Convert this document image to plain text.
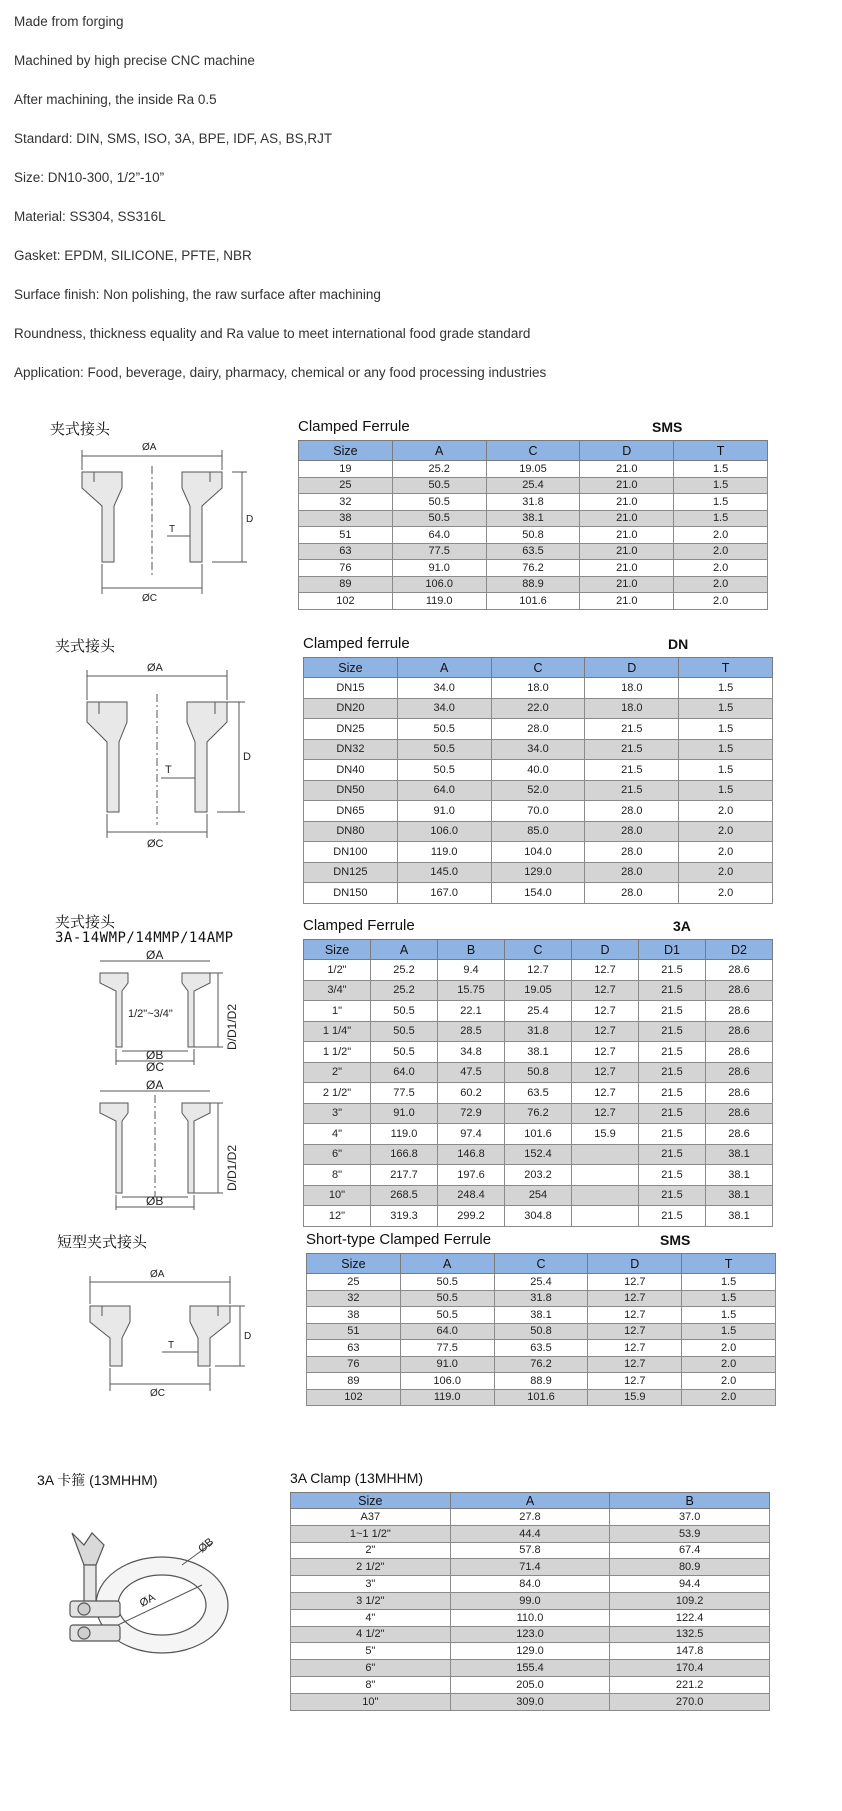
Made from forging
Machined by high precise CNC machine
After machining, the inside Ra 0.5
Standard: DIN, SMS, ISO, 3A, BPE, IDF, AS, BS,RJT
Size: DN10-300, 1/2”-10”
Material: SS304, SS316L
Gasket: EPDM, SILICONE, PFTE, NBR
Surface finish: Non polishing, the raw surface after machining
Roundness, thickness equality and Ra value to meet international food grade standard
Application: Food, beverage, dairy, pharmacy, chemical or any food processing industries
夹式接头
ØA
ØC
D
T
Clamped Ferrule	SMS
Size	A	C	D	T
19	25.2	19.05	21.0	1.5
25	50.5	25.4	21.0	1.5
32	50.5	31.8	21.0	1.5
38	50.5	38.1	21.0	1.5
51	64.0	50.8	21.0	2.0
63	77.5	63.5	21.0	2.0
76	91.0	76.2	21.0	2.0
89	106.0	88.9	21.0	2.0
102	119.0	101.6	21.0	2.0
夹式接头
ØA
ØC
D
T
Clamped ferrule	DN
Size	A	C	D	T
DN15	34.0	18.0	18.0	1.5
DN20	34.0	22.0	18.0	1.5
DN25	50.5	28.0	21.5	1.5
DN32	50.5	34.0	21.5	1.5
DN40	50.5	40.0	21.5	1.5
DN50	64.0	52.0	21.5	1.5
DN65	91.0	70.0	28.0	2.0
DN80	106.0	85.0	28.0	2.0
DN100	119.0	104.0	28.0	2.0
DN125	145.0	129.0	28.0	2.0
DN150	167.0	154.0	28.0	2.0
夹式接头
3A-14WMP/14MMP/14AMP
ØA
1/2"~3/4"
ØB
D/D1/D2
ØC
ØA
ØB
D/D1/D2
Clamped Ferrule	3A
Size	A	B	C	D	D1	D2
1/2"	25.2	9.4	12.7	12.7	21.5	28.6
3/4"	25.2	15.75	19.05	12.7	21.5	28.6
1"	50.5	22.1	25.4	12.7	21.5	28.6
1 1/4"	50.5	28.5	31.8	12.7	21.5	28.6
1 1/2"	50.5	34.8	38.1	12.7	21.5	28.6
2"	64.0	47.5	50.8	12.7	21.5	28.6
2 1/2"	77.5	60.2	63.5	12.7	21.5	28.6
3"	91.0	72.9	76.2	12.7	21.5	28.6
4"	119.0	97.4	101.6	15.9	21.5	28.6
6"	166.8	146.8	152.4		21.5	38.1
8"	217.7	197.6	203.2		21.5	38.1
10"	268.5	248.4	254		21.5	38.1
12"	319.3	299.2	304.8		21.5	38.1
短型夹式接头
ØA
ØC
D
T
Short-type Clamped Ferrule	SMS
Size	A	C	D	T
25	50.5	25.4	12.7	1.5
32	50.5	31.8	12.7	1.5
38	50.5	38.1	12.7	1.5
51	64.0	50.8	12.7	1.5
63	77.5	63.5	12.7	2.0
76	91.0	76.2	12.7	2.0
89	106.0	88.9	12.7	2.0
102	119.0	101.6	15.9	2.0
3A 卡箍 (13MHHM)
ØA
ØB
3A Clamp (13MHHM)
Size	A	B
A37	27.8	37.0
1~1 1/2"	44.4	53.9
2"	57.8	67.4
2 1/2"	71.4	80.9
3"	84.0	94.4
3 1/2"	99.0	109.2
4"	110.0	122.4
4 1/2"	123.0	132.5
5"	129.0	147.8
6"	155.4	170.4
8"	205.0	221.2
10"	309.0	270.0
